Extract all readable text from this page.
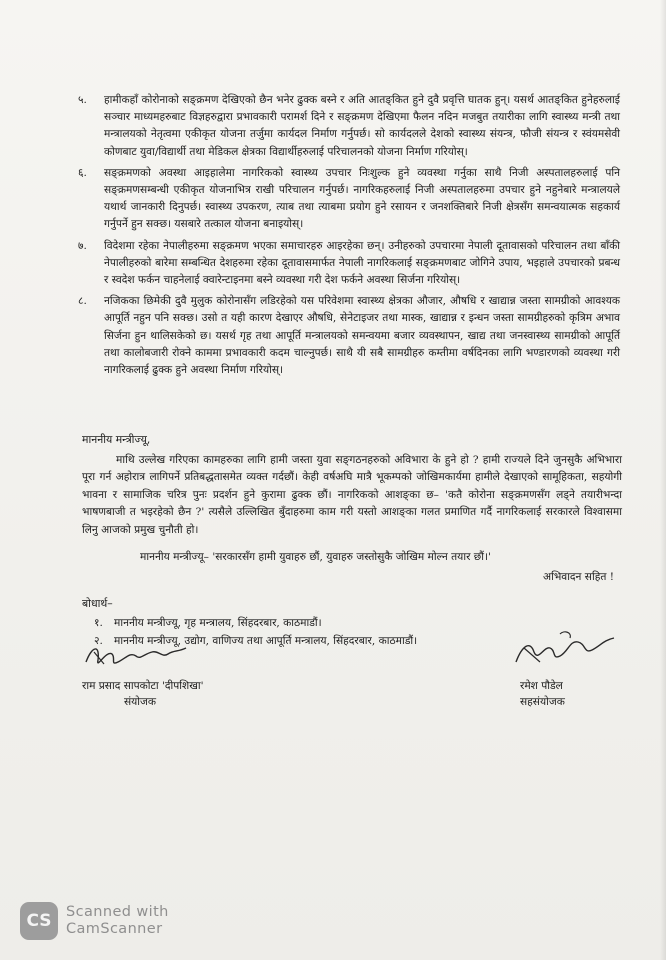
५.	हामीकहाँ कोरोनाको सङ्‌क्रमण देखिएको छैन भनेर ढुक्क बस्ने र अति आतङ्‌कित हुने दुवै प्रवृत्ति घातक हुन्। यसर्थ आतङ्‌कित हुनेहरुलाई सञ्चार माध्यमहरुबाट विज्ञहरुद्वारा प्रभावकारी परामर्श दिने र सङ्‌क्रमण देखिएमा फैलन नदिन मजबुत तयारीका लागि स्वास्थ्य मन्त्री तथा मन्त्रालयको नेतृत्वमा एकीकृत योजना तर्जुमा कार्यदल निर्माण गर्नुपर्छ। सो कार्यदलले देशको स्वास्थ्य संयन्त्र, फौजी संयन्त्र र स्वंयमसेवी कोणबाट युवा/विद्यार्थी तथा मेडिकल क्षेत्रका विद्यार्थीहरुलाई परिचालनको योजना निर्माण गरियोस्।
६.	सङ्‌क्रमणको अवस्था आइहालेमा नागरिकको स्वास्थ्य उपचार निःशुल्क हुने व्यवस्था गर्नुका साथै निजी अस्पतालहरुलाई पनि सङ्‌क्रमणसम्बन्धी एकीकृत योजनाभित्र राखी परिचालन गर्नुपर्छ। नागरिकहरुलाई निजी अस्पतालहरुमा उपचार हुने नहुनेबारे मन्त्रालयले यथार्थ जानकारी दिनुपर्छ। स्वास्थ्य उपकरण, त्याब तथा त्याबमा प्रयोग हुने रसायन र जनशक्तिबारे निजी क्षेत्रसँग समन्वयात्मक सहकार्य गर्नुपर्ने हुन सक्छ। यसबारे तत्काल योजना बनाइयोस्।
७.	विदेशमा रहेका नेपालीहरुमा सङ्‌क्रमण भएका समाचारहरु आइरहेका छन्। उनीहरुको उपचारमा नेपाली दूतावासको परिचालन तथा बाँकी नेपालीहरुको बारेमा सम्बन्धित देशहरुमा रहेका दूतावासमार्फत नेपाली नागरिकलाई सङ्‌क्रमणबाट जोगिने उपाय, भइहाले उपचारको प्रबन्ध र स्वदेश फर्कन चाहनेलाई क्वारेन्टाइनमा बस्ने व्यवस्था गरी देश फर्कने अवस्था सिर्जना गरियोस्।
८.	नजिकका छिमेकी दुवै मुलुक कोरोनासँग लडिरहेको यस परिवेशमा स्वास्थ्य क्षेत्रका औजार, औषधि र खाद्यान्न जस्ता सामग्रीको आवश्यक आपूर्ति नहुन पनि सक्छ। उसो त यही कारण देखाएर औषधि, सेनेटाइजर तथा मास्क, खाद्यान्न र इन्धन जस्ता सामग्रीहरुको कृत्रिम अभाव सिर्जना हुन थालिसकेको छ। यसर्थ गृह तथा आपूर्ति मन्त्रालयको समन्वयमा बजार व्यवस्थापन, खाद्य तथा जनस्वास्थ्य सामग्रीको आपूर्ति तथा कालोबजारी रोक्ने काममा प्रभावकारी कदम चाल्नुपर्छ। साथै यी सबै सामग्रीहरु कम्तीमा वर्षदिनका लागि भण्डारणको व्यवस्था गरी नागरिकलाई ढुक्क हुने अवस्था निर्माण गरियोस्।
माननीय मन्त्रीज्यू,
माथि उल्लेख गरिएका कामहरुका लागि हामी जस्ता युवा सङ्‌गठनहरुको अविभारा के हुने हो ? हामी राज्यले दिने जुनसुकै अभिभारा पूरा गर्न अहोरात्र लागिपर्ने प्रतिबद्धतासमेत व्यक्त गर्दछौं। केही वर्षअघि मात्रै भूकम्पको जोखिमकार्यमा हामीले देखाएको सामूहिकता, सहयोगी भावना र सामाजिक चरित्र पुनः प्रदर्शन हुने कुरामा ढुक्क छौं। नागरिकको आशङ्‌का छ– 'कतै कोरोना सङ्‌क्रमणसँग लड्ने तयारीभन्दा भाषणबाजी त भइरहेको छैन ?' त्यसैले उल्लिखित बुँदाहरुमा काम गरी यस्तो आशङ्‌का गलत प्रमाणित गर्दै नागरिकलाई सरकारले विश्वासमा लिनु आजको प्रमुख चुनौती हो।
माननीय मन्त्रीज्यू– 'सरकारसँग हामी युवाहरु छौं, युवाहरु जस्तोसुकै जोखिम मोल्न तयार छौं।'
अभिवादन सहित !
बोधार्थ–
१.	माननीय मन्त्रीज्यू, गृह मन्त्रालय, सिंहदरबार, काठमाडौं।
२.	माननीय मन्त्रीज्यू, उद्योग, वाणिज्य तथा आपूर्ति मन्त्रालय, सिंहदरबार, काठमाडौं।
राम प्रसाद सापकोटा 'दीपशिखा'
संयोजक
रमेश पौडेल
सहसंयोजक
CS Scanned with
CamScanner
